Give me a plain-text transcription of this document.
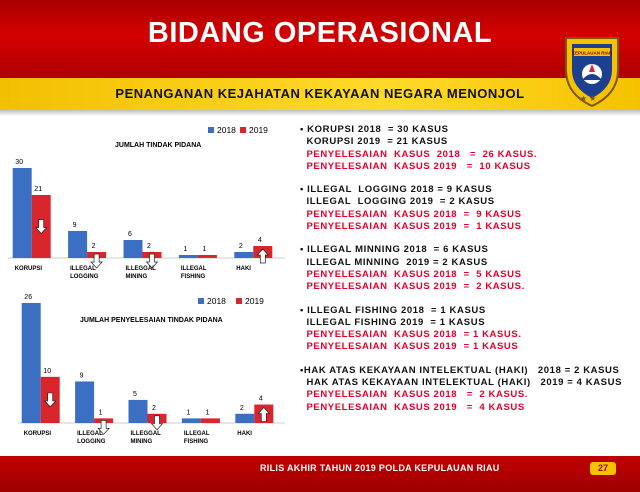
BIDANG OPERASIONAL
PENANGANAN KEJAHATAN KEKAYAAN NEGARA MENONJOL
KEPULAUAN RIAU
★★
2018 2019
JUMLAH TINDAK PIDANA
30
21
KORUPSI
9
2
ILLEGAL
LOGGING
6
2
ILLEGGAL
MINING
1 1
ILLEGAL
FISHING
2
4
HAKI
2018 2019
JUMLAH PENYELESAIAN TINDAK PIDANA
26
10
KORUPSI
9
1
ILLEGAL
LOGGING
5
2
ILLEGGAL
MINING
1 1
ILLEGAL
FISHING
2
4
HAKI
• KORUPSI 2018  = 30 KASUS
KORUPSI 2019  = 21 KASUS
PENYELESAIAN  KASUS  2018   =  26 KASUS.
PENYELESAIAN  KASUS 2019   =  10 KASUS
• ILLEGAL  LOGGING 2018 = 9 KASUS
ILLEGAL  LOGGING 2019  = 2 KASUS
PENYELESAIAN  KASUS 2018  =  9 KASUS
PENYELESAIAN  KASUS 2019  =  1 KASUS
• ILLEGAL MINNING 2018  = 6 KASUS
ILLEGAL MINNING  2019 = 2 KASUS
PENYELESAIAN  KASUS 2018  =  5 KASUS
PENYELESAIAN  KASUS 2019  =  2 KASUS.
• ILLEGAL FISHING 2018  = 1 KASUS
ILLEGAL FISHING 2019  = 1 KASUS
PENYELESAIAN  KASUS 2018  = 1 KASUS.
PENYELESAIAN  KASUS 2019  = 1 KASUS
•HAK ATAS KEKAYAAN INTELEKTUAL (HAKI)   2018 = 2 KASUS
HAK ATAS KEKAYAAN INTELEKTUAL (HAKI)   2019 = 4 KASUS
PENYELESAIAN  KASUS 2018   =  2 KASUS.
PENYELESAIAN  KASUS 2019   =  4 KASUS
RILIS AKHIR TAHUN 2019 POLDA KEPULAUAN RIAU	27
